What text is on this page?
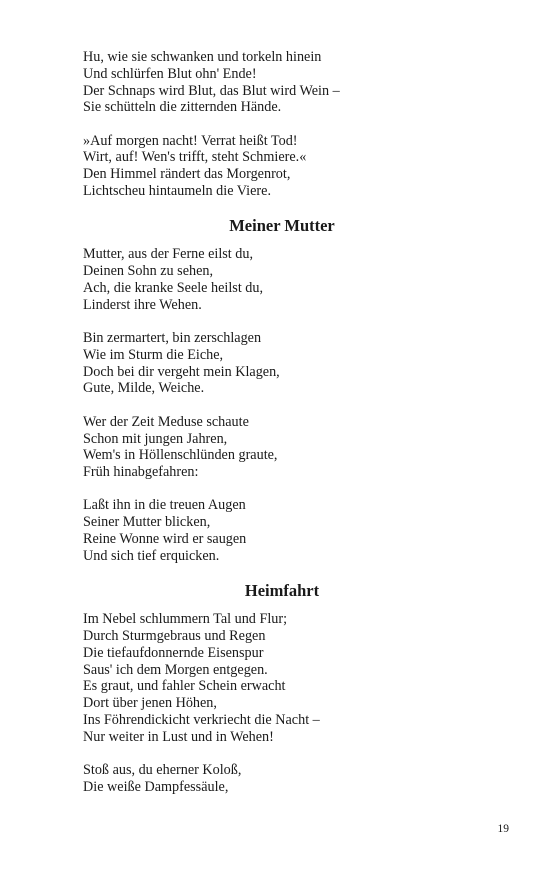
Hu, wie sie schwanken und torkeln hinein
Und schlürfen Blut ohn' Ende!
Der Schnaps wird Blut, das Blut wird Wein –
Sie schütteln die zitternden Hände.
»Auf morgen nacht! Verrat heißt Tod!
Wirt, auf! Wen's trifft, steht Schmiere.«
Den Himmel rändert das Morgenrot,
Lichtscheu hintaumeln die Viere.
Meiner Mutter
Mutter, aus der Ferne eilst du,
Deinen Sohn zu sehen,
Ach, die kranke Seele heilst du,
Linderst ihre Wehen.
Bin zermartert, bin zerschlagen
Wie im Sturm die Eiche,
Doch bei dir vergeht mein Klagen,
Gute, Milde, Weiche.
Wer der Zeit Meduse schaute
Schon mit jungen Jahren,
Wem's in Höllenschlünden graute,
Früh hinabgefahren:
Laßt ihn in die treuen Augen
Seiner Mutter blicken,
Reine Wonne wird er saugen
Und sich tief erquicken.
Heimfahrt
Im Nebel schlummern Tal und Flur;
Durch Sturmgebraus und Regen
Die tiefaufdonnernde Eisenspur
Saus' ich dem Morgen entgegen.
Es graut, und fahler Schein erwacht
Dort über jenen Höhen,
Ins Föhrendickicht verkriecht die Nacht –
Nur weiter in Lust und in Wehen!
Stoß aus, du eherner Koloß,
Die weiße Dampfessäule,
19
